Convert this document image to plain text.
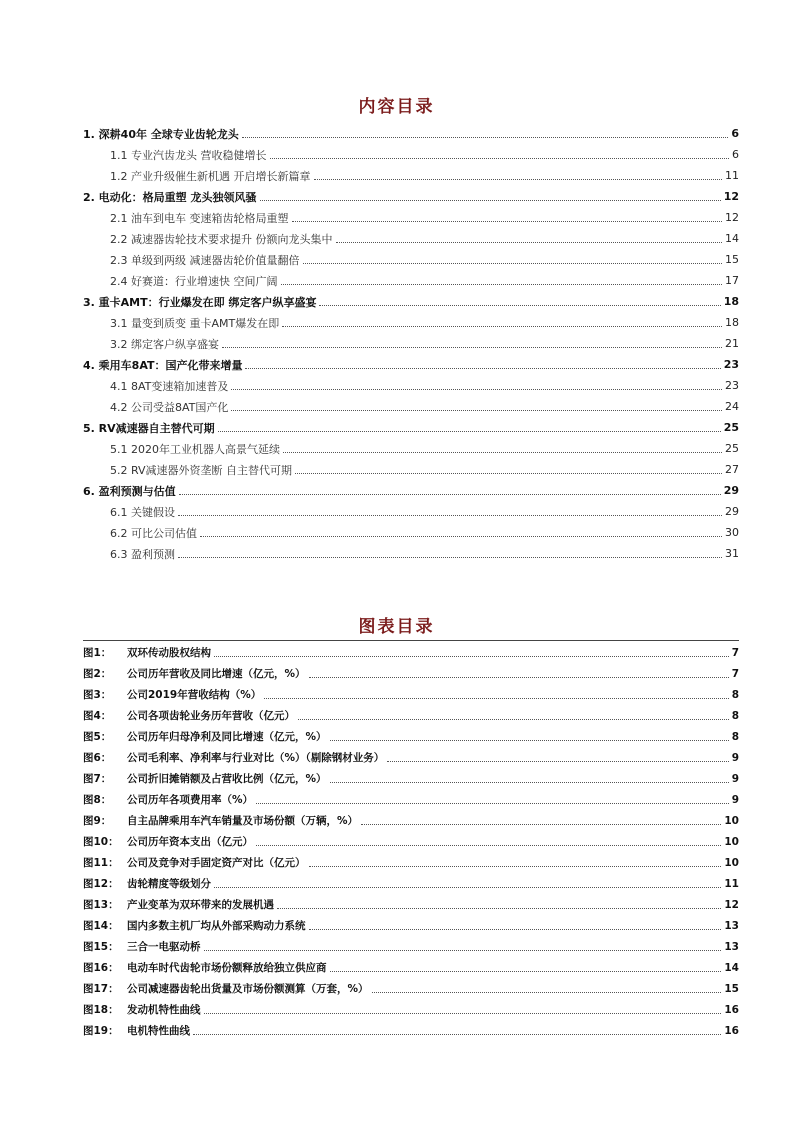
内容目录
1. 深耕40年 全球专业齿轮龙头	6
1.1 专业汽齿龙头 营收稳健增长	6
1.2 产业升级催生新机遇 开启增长新篇章	11
2. 电动化：格局重塑 龙头独领风骚	12
2.1 油车到电车 变速箱齿轮格局重塑	12
2.2 减速器齿轮技术要求提升 份额向龙头集中	14
2.3 单级到两级 减速器齿轮价值量翻倍	15
2.4 好赛道：行业增速快 空间广阔	17
3. 重卡AMT：行业爆发在即 绑定客户纵享盛宴	18
3.1 量变到质变 重卡AMT爆发在即	18
3.2 绑定客户纵享盛宴	21
4. 乘用车8AT：国产化带来增量	23
4.1 8AT变速箱加速普及	23
4.2 公司受益8AT国产化	24
5. RV减速器自主替代可期	25
5.1 2020年工业机器人高景气延续	25
5.2 RV减速器外资垄断 自主替代可期	27
6. 盈利预测与估值	29
6.1 关键假设	29
6.2 可比公司估值	30
6.3 盈利预测	31
图表目录
图1： 双环传动股权结构	7
图2： 公司历年营收及同比增速（亿元，%）	7
图3： 公司2019年营收结构（%）	8
图4： 公司各项齿轮业务历年营收（亿元）	8
图5： 公司历年归母净利及同比增速（亿元，%）	8
图6： 公司毛利率、净利率与行业对比（%）（剔除钢材业务）	9
图7： 公司折旧摊销额及占营收比例（亿元，%）	9
图8： 公司历年各项费用率（%）	9
图9： 自主品牌乘用车汽车销量及市场份额（万辆，%）	10
图10： 公司历年资本支出（亿元）	10
图11： 公司及竞争对手固定资产对比（亿元）	10
图12： 齿轮精度等级划分	11
图13： 产业变革为双环带来的发展机遇	12
图14： 国内多数主机厂均从外部采购动力系统	13
图15： 三合一电驱动桥	13
图16： 电动车时代齿轮市场份额释放给独立供应商	14
图17： 公司减速器齿轮出货量及市场份额测算（万套，%）	15
图18： 发动机特性曲线	16
图19： 电机特性曲线	16
